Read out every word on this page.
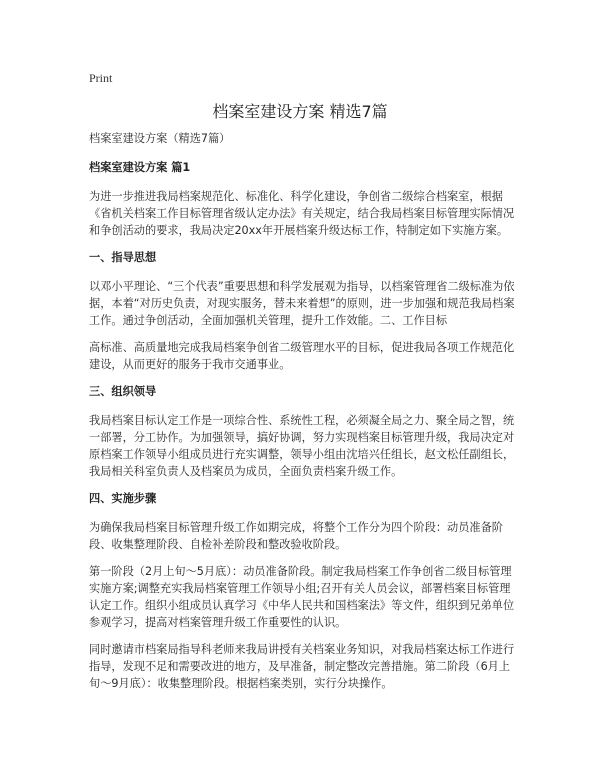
Print
档案室建设方案 精选7篇

档案室建设方案（精选7篇）

档案室建设方案 篇1

为进一步推进我局档案规范化、标准化、科学化建设，争创省二级综合档案室，根据《省机关档案工作目标管理省级认定办法》有关规定，结合我局档案目标管理实际情况和争创活动的要求，我局决定20xx年开展档案升级达标工作，特制定如下实施方案。

一、指导思想

以邓小平理论、“三个代表”重要思想和科学发展观为指导，以档案管理省二级标准为依据，本着“对历史负责，对现实服务，替未来着想”的原则，进一步加强和规范我局档案工作。通过争创活动，全面加强机关管理，提升工作效能。二、工作目标

高标准、高质量地完成我局档案争创省二级管理水平的目标，促进我局各项工作规范化建设，从而更好的服务于我市交通事业。

三、组织领导

我局档案目标认定工作是一项综合性、系统性工程，必须凝全局之力、聚全局之智，统一部署，分工协作。为加强领导，搞好协调，努力实现档案目标管理升级，我局决定对原档案工作领导小组成员进行充实调整，领导小组由沈培兴任组长，赵文松任副组长，我局相关科室负责人及档案员为成员，全面负责档案升级工作。

四、实施步骤

为确保我局档案目标管理升级工作如期完成，将整个工作分为四个阶段：动员准备阶段、收集整理阶段、自检补差阶段和整改验收阶段。

第一阶段（2月上旬～5月底）：动员准备阶段。制定我局档案工作争创省二级目标管理实施方案;调整充实我局档案管理工作领导小组;召开有关人员会议，部署档案目标管理认定工作。组织小组成员认真学习《中华人民共和国档案法》等文件，组织到兄弟单位参观学习，提高对档案管理升级工作重要性的认识。

同时邀请市档案局指导科老师来我局讲授有关档案业务知识，对我局档案达标工作进行指导，发现不足和需要改进的地方，及早准备，制定整改完善措施。第二阶段（6月上旬～9月底）：收集整理阶段。根据档案类别，实行分块操作。
